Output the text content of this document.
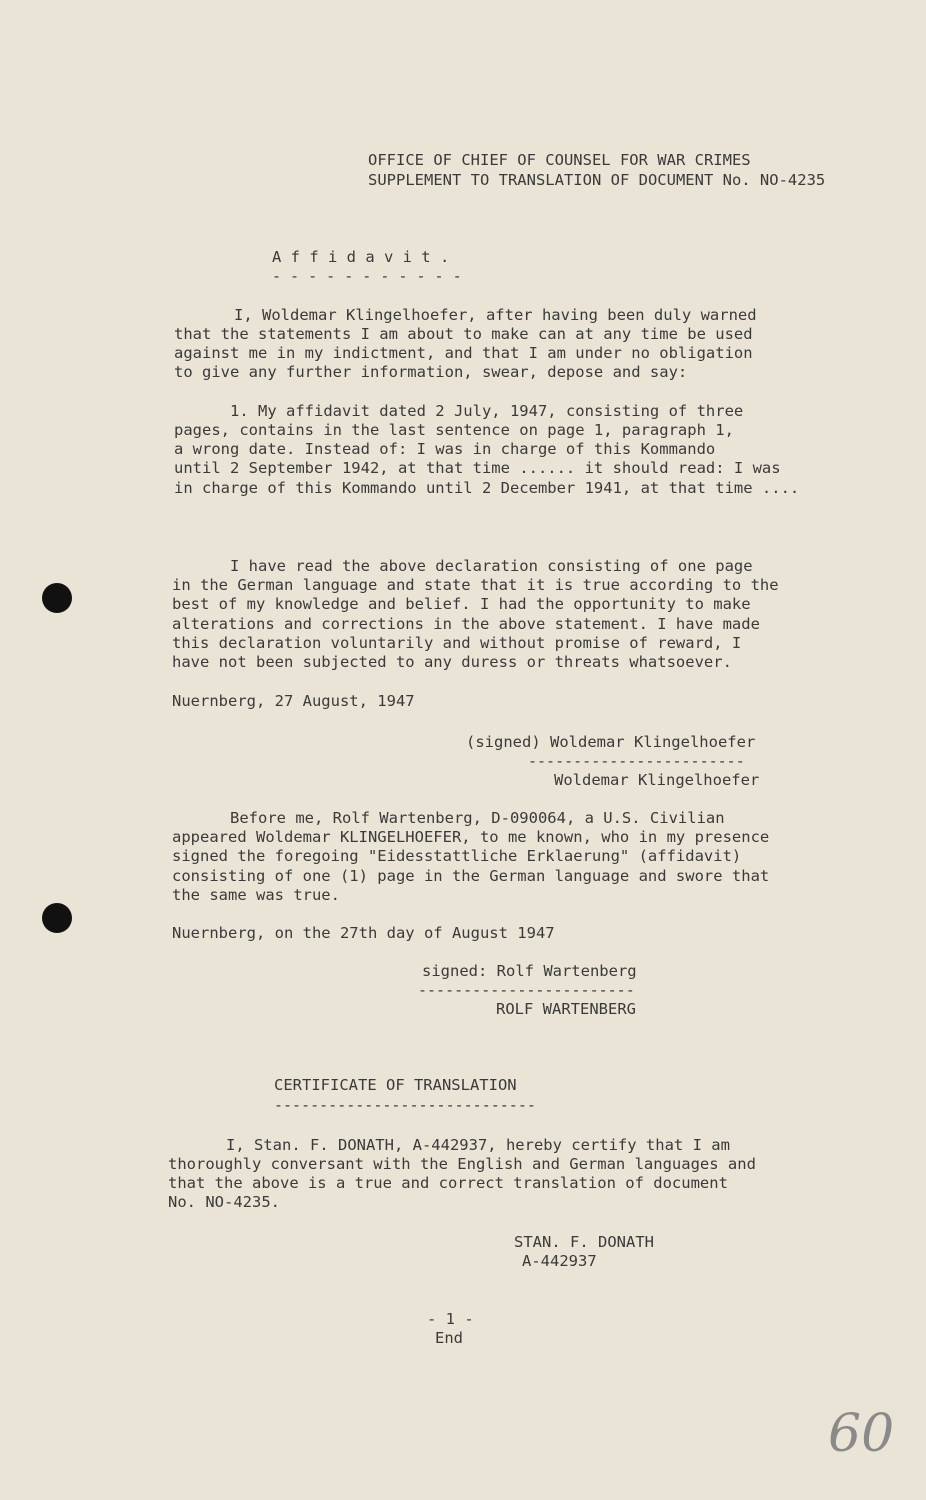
OFFICE OF CHIEF OF COUNSEL FOR WAR CRIMES
SUPPLEMENT TO TRANSLATION OF DOCUMENT No. NO-4235
A f f i d a v i t .
- - - - - - - - - - -
I, Woldemar Klingelhoefer, after having been duly warned
that the statements I am about to make can at any time be used
against me in my indictment, and that I am under no obligation
to give any further information, swear, depose and say:
1. My affidavit dated 2 July, 1947, consisting of three
pages, contains in the last sentence on page 1, paragraph 1,
a wrong date. Instead of: I was in charge of this Kommando
until 2 September 1942, at that time ...... it should read: I was
in charge of this Kommando until 2 December 1941, at that time ....
I have read the above declaration consisting of one page
in the German language and state that it is true according to the
best of my knowledge and belief. I had the opportunity to make
alterations and corrections in the above statement. I have made
this declaration voluntarily and without promise of reward, I
have not been subjected to any duress or threats whatsoever.
Nuernberg, 27 August, 1947
(signed) Woldemar Klingelhoefer
------------------------
Woldemar Klingelhoefer
Before me, Rolf Wartenberg, D-090064, a U.S. Civilian
appeared Woldemar KLINGELHOEFER, to me known, who in my presence
signed the foregoing "Eidesstattliche Erklaerung" (affidavit)
consisting of one (1) page in the German language and swore that
the same was true.
Nuernberg, on the 27th day of August 1947
signed: Rolf Wartenberg
------------------------
ROLF WARTENBERG
CERTIFICATE OF TRANSLATION
-----------------------------
I, Stan. F. DONATH, A-442937, hereby certify that I am
thoroughly conversant with the English and German languages and
that the above is a true and correct translation of document
No. NO-4235.
STAN. F. DONATH
A-442937
- 1 -
End
60
